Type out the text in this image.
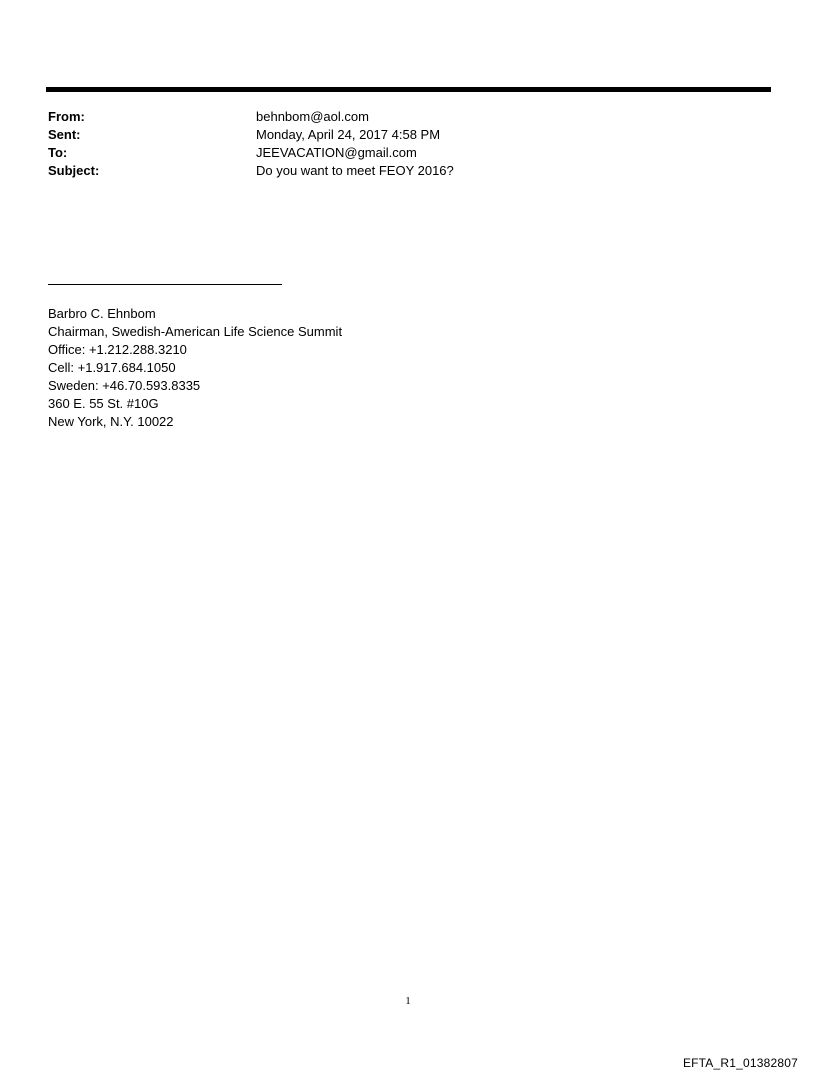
From:	behnbom@aol.com
Sent:	Monday, April 24, 2017 4:58 PM
To:	JEEVACATION@gmail.com
Subject:	Do you want to meet FEOY 2016?
Barbro C. Ehnbom
Chairman, Swedish-American Life Science Summit
Office: +1.212.288.3210
Cell: +1.917.684.1050
Sweden: +46.70.593.8335
360 E. 55 St. #10G
New York, N.Y. 10022
1
EFTA_R1_01382807
